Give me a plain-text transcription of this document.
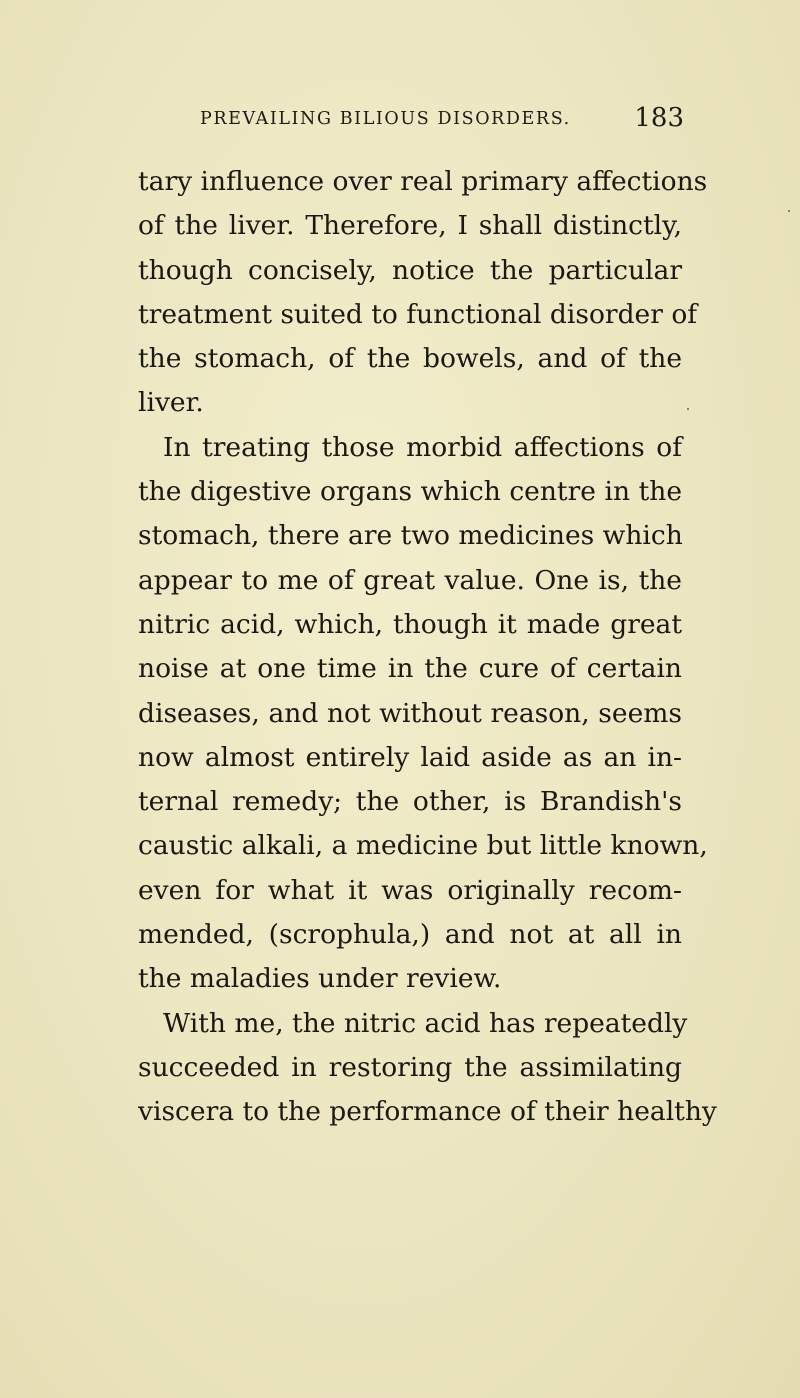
PREVAILING BILIOUS DISORDERS. 183
tary influence over real primary affections
of the liver. Therefore, I shall distinctly,
though concisely, notice the particular
treatment suited to functional disorder of
the stomach, of the bowels, and of the
liver.
In treating those morbid affections of
the digestive organs which centre in the
stomach, there are two medicines which
appear to me of great value. One is, the
nitric acid, which, though it made great
noise at one time in the cure of certain
diseases, and not without reason, seems
now almost entirely laid aside as an in-
ternal remedy; the other, is Brandish's
caustic alkali, a medicine but little known,
even for what it was originally recom-
mended, (scrophula,) and not at all in
the maladies under review.
With me, the nitric acid has repeatedly
succeeded in restoring the assimilating
viscera to the performance of their healthy
